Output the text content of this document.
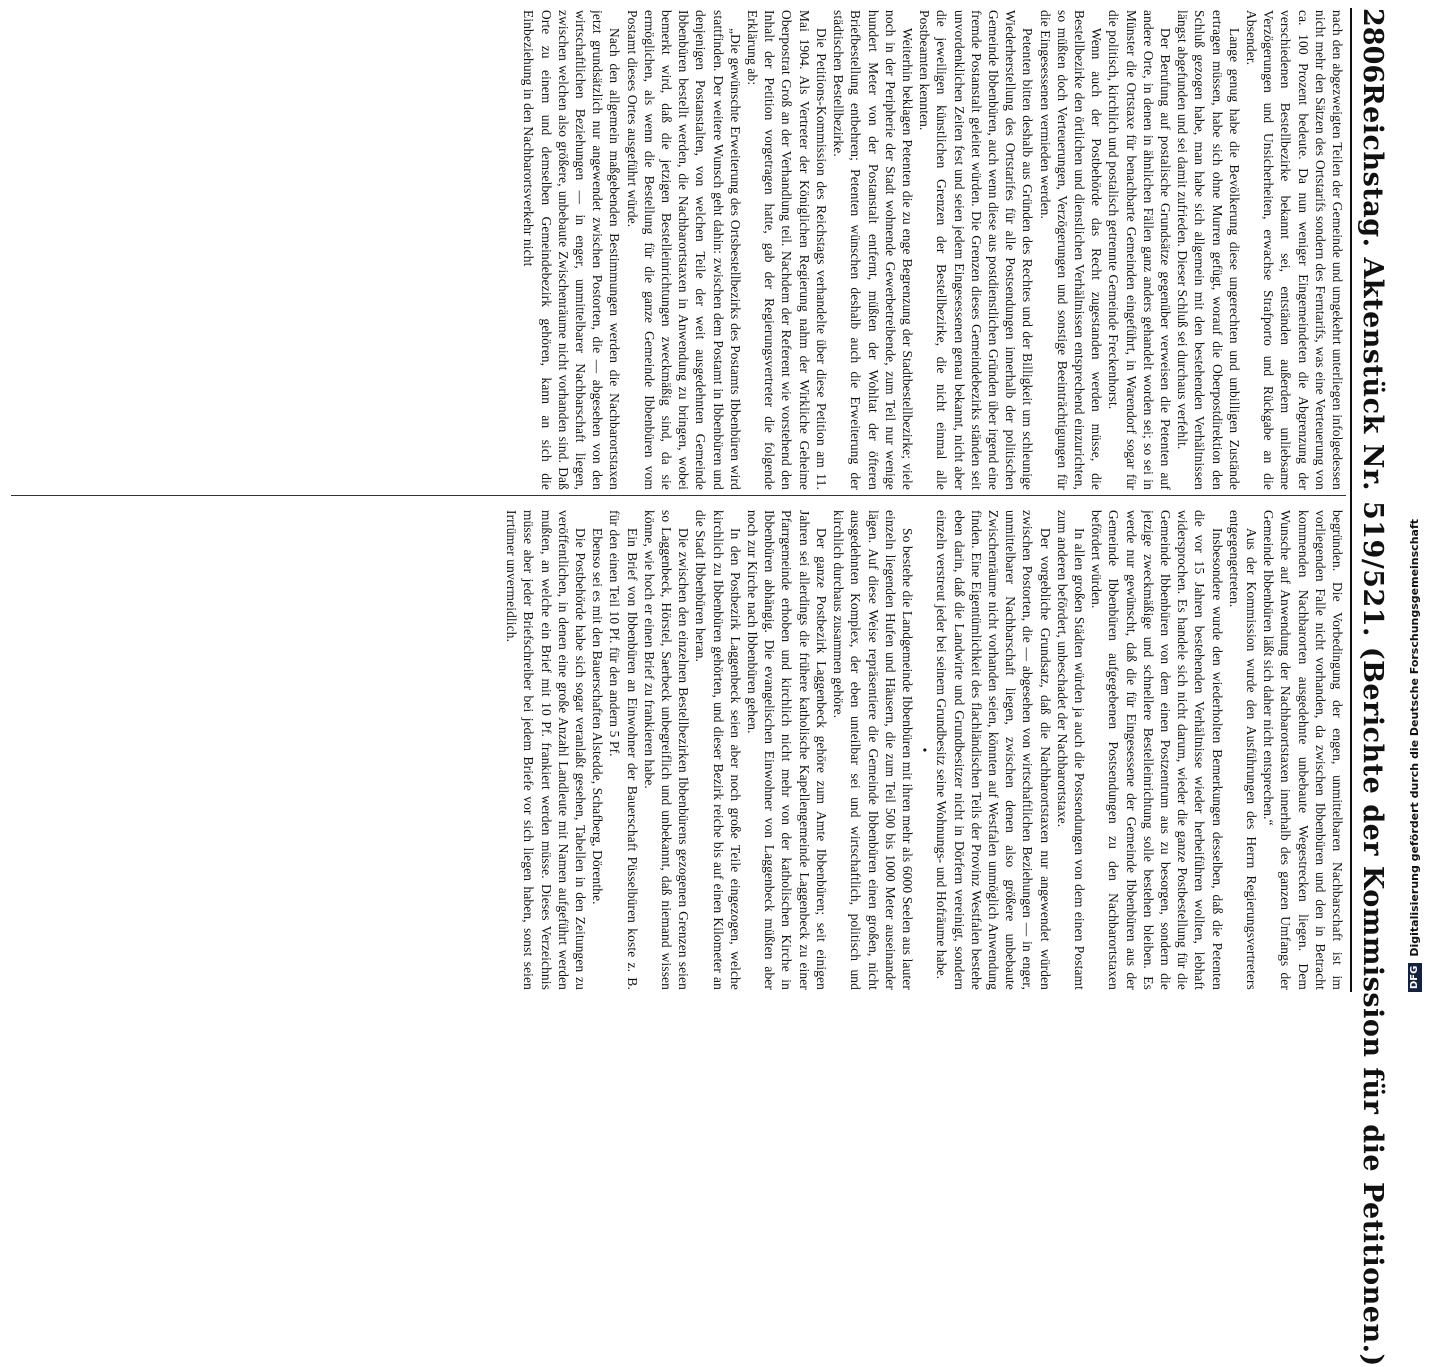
2806
Reichstag. Aktenstück Nr. 519/521. (Berichte der Kommission für die Petitionen.)

nach den abgezweigten Teilen der Gemeinde und umgekehrt unterliegen infolgedessen nicht mehr den Sätzen des Ortstarifs sondern des Ferntarifs, was eine Verteuerung von ca. 100 Prozent bedeute. Da nun weniger Eingemeindeten die Abgrenzung der verschiedenen Bestellbezirke bekannt sei, entständen außerdem unliebsame Verzögerungen und Unsicherheiten, erwachse Strafporto und Rückgabe an die Absender.

Lange genug habe die Bevölkerung diese ungerechten und unbilligen Zustände ertragen müssen, habe sich ohne Murren gefügt, worauf die Oberpostdirektion den Schluß gezogen habe, man habe sich allgemein mit den bestehenden Verhältnissen längst abgefunden und sei damit zufrieden. Dieser Schluß sei durchaus verfehlt.

Der Berufung auf postalische Grundsätze gegenüber verweisen die Petenten auf andere Orte, in denen in ähnlichen Fällen ganz anders gehandelt worden sei; so sei in Münster die Ortstaxe für benachbarte Gemeinden eingeführt, in Warendorf sogar für die politisch, kirchlich und postalisch getrennte Gemeinde Freckenhorst.

Wenn auch der Postbehörde das Recht zugestanden werden müsse, die Bestellbezirke den örtlichen und dienstlichen Verhältnissen entsprechend einzurichten, so müßten doch Verteuerungen, Verzögerungen und sonstige Beeinträchtigungen für die Eingesessenen vermieden werden.

Petenten bitten deshalb aus Gründen des Rechtes und der Billigkeit um schleunige Wiederherstellung des Ortstarifes für alle Postsendungen innerhalb der politischen Gemeinde Ibbenbüren, auch wenn diese aus postdienstlichen Gründen über irgend eine fremde Postanstalt geleitet würden. Die Grenzen dieses Gemeindebezirks ständen seit unvordenklichen Zeiten fest und seien jedem Eingesessenen genau bekannt, nicht aber die jeweiligen künstlichen Grenzen der Bestellbezirke, die nicht einmal alle Postbeamten kennten.

Weiterhin beklagen Petenten die zu enge Begrenzung der Stadtbestellbezirke; viele noch in der Peripherie der Stadt wohnende Gewerbetreibende, zum Teil nur wenige hundert Meter von der Postanstalt entfernt, müßten der Wohltat der öfteren Briefbestellung entbehren; Petenten wünschen deshalb auch die Erweiterung der städtischen Bestellbezirke.

Die Petitions-Kommission des Reichstags verhandelte über diese Petition am 11. Mai 1904. Als Vertreter der Königlichen Regierung nahm der Wirkliche Geheime Oberpostrat Groß an der Verhandlung teil. Nachdem der Referent wie vorstehend den Inhalt der Petition vorgetragen hatte, gab der Regierungsvertreter die folgende Erklärung ab:

„Die gewünschte Erweiterung des Ortsbestellbezirks des Postamts Ibbenbüren wird stattfinden. Der weitere Wunsch geht dahin: zwischen dem Postamt in Ibbenbüren und denjenigen Postanstalten, von welchen Teile der weit ausgedehnten Gemeinde Ibbenbüren bestellt werden, die Nachbarortstaxen in Anwendung zu bringen, wobei bemerkt wird, daß die jetzigen Bestelleinrichtungen zweckmäßig sind, da sie ermöglichen, als wenn die Bestellung für die ganze Gemeinde Ibbenbüren vom Postamt dieses Ortes ausgeführt würde.

Nach den allgemein maßgebenden Bestimmungen werden die Nachbarortstaxen jetzt grundsätzlich nur angewendet zwischen Postorten, die — abgesehen von den wirtschaftlichen Beziehungen — in enger, unmittelbarer Nachbarschaft liegen, zwischen welchen also größere, unbebaute Zwischenräume nicht vorhanden sind. Daß Orte zu einem und demselben Gemeindebezirk gehören, kann an sich die Einbeziehung in den Nachbarortsverkehr nicht

begründen. Die Vorbedingung der engen, unmittelbaren Nachbarschaft ist im vorliegenden Falle nicht vorhanden, da zwischen Ibbenbüren und den in Betracht kommenden Nachbarorten ausgedehnte unbebaute Wegestrecken liegen. Dem Wunsche auf Anwendung der Nachbarortstaxen innerhalb des ganzen Umfangs der Gemeinde Ibbenbüren läßt sich daher nicht entsprechen.“

Aus der Kommission wurde den Ausführungen des Herrn Regierungsvertreters entgegengetreten.

Insbesondere wurde den wiederholten Bemerkungen desselben, daß die Petenten die vor 15 Jahren bestehenden Verhältnisse wieder herbeiführen wollten, lebhaft widersprochen. Es handele sich nicht darum, wieder die ganze Postbestellung für die Gemeinde Ibbenbüren von dem einen Postzentrum aus zu besorgen, sondern die jetzige zweckmäßige und schnellere Bestelleinrichtung solle bestehen bleiben. Es werde nur gewünscht, daß die für Eingesessene der Gemeinde Ibbenbüren aus der Gemeinde Ibbenbüren aufgegebenen Postsendungen zu den Nachbarortstaxen befördert würden.

In allen großen Städten würden ja auch die Postsendungen von dem einen Postamt zum anderen befördert, unbeschadet der Nachbarortstaxe.

Der vorgebliche Grundsatz, daß die Nachbarortstaxen nur angewendet würden zwischen Postorten, die — abgesehen von wirtschaftlichen Beziehungen — in enger, unmittelbarer Nachbarschaft liegen, zwischen denen also größere unbebaute Zwischenräume nicht vorhanden seien, könnten auf Westfalen unmöglich Anwendung finden. Eine Eigentümlichkeit des flachländischen Teils der Provinz Westfalen bestehe eben darin, daß die Landwirte und Grundbesitzer nicht in Dörfern vereinigt, sondern einzeln verstreut jeder bei seinem Grundbesitz seine Wohnungs- und Hofräume habe.

•

So bestehe die Landgemeinde Ibbenbüren mit ihren mehr als 6000 Seelen aus lauter einzeln liegenden Hufen und Häusern, die zum Teil 500 bis 1000 Meter auseinander lägen. Auf diese Weise repräsentiere die Gemeinde Ibbenbüren einen großen, nicht ausgedehnten Komplex, der eben unteilbar sei und wirtschaftlich, politisch und kirchlich durchaus zusammen gehöre.

Der ganze Postbezirk Laggenbeck gehöre zum Amte Ibbenbüren; seit einigen Jahren sei allerdings die frühere katholische Kapellengemeinde Laggenbeck zu einer Pfarrgemeinde erhoben und kirchlich nicht mehr von der katholischen Kirche in Ibbenbüren abhängig. Die evangelischen Einwohner von Laggenbeck müßten aber noch zur Kirche nach Ibbenbüren gehen.

In den Postbezirk Laggenbeck seien aber noch große Teile eingezogen, welche kirchlich zu Ibbenbüren gehörten, und dieser Bezirk reiche bis auf einen Kilometer an die Stadt Ibbenbüren heran.

Die zwischen den einzelnen Bestellbezirken Ibbenbürens gezogenen Grenzen seien so Laggenbeck, Hörstel, Saerbeck unbegreiflich und unbekannt, daß niemand wissen könne, wie hoch er einen Brief zu frankieren habe.

Ein Brief von Ibbenbüren an Einwohner der Bauerschaft Püsselbüren koste z. B. für den einen Teil 10 Pf. für den andern 5 Pf.

Ebenso sei es mit den Bauerschaften Alstedde, Schafberg, Dörenthe.

Die Postbehörde habe sich sogar veranlaßt gesehen, Tabellen in den Zeitungen zu veröffentlichen, in denen eine große Anzahl Landleute mit Namen aufgeführt werden mußten, an welche ein Brief mit 10 Pf. frankiert werden müsse. Dieses Verzeichnis müsse aber jeder Briefschreiber bei jedem Briefe vor sich liegen haben, sonst seien Irrtümer unvermeidlich.

DFG
Digitalisierung gefördert durch die Deutsche Forschungsgemeinschaft
